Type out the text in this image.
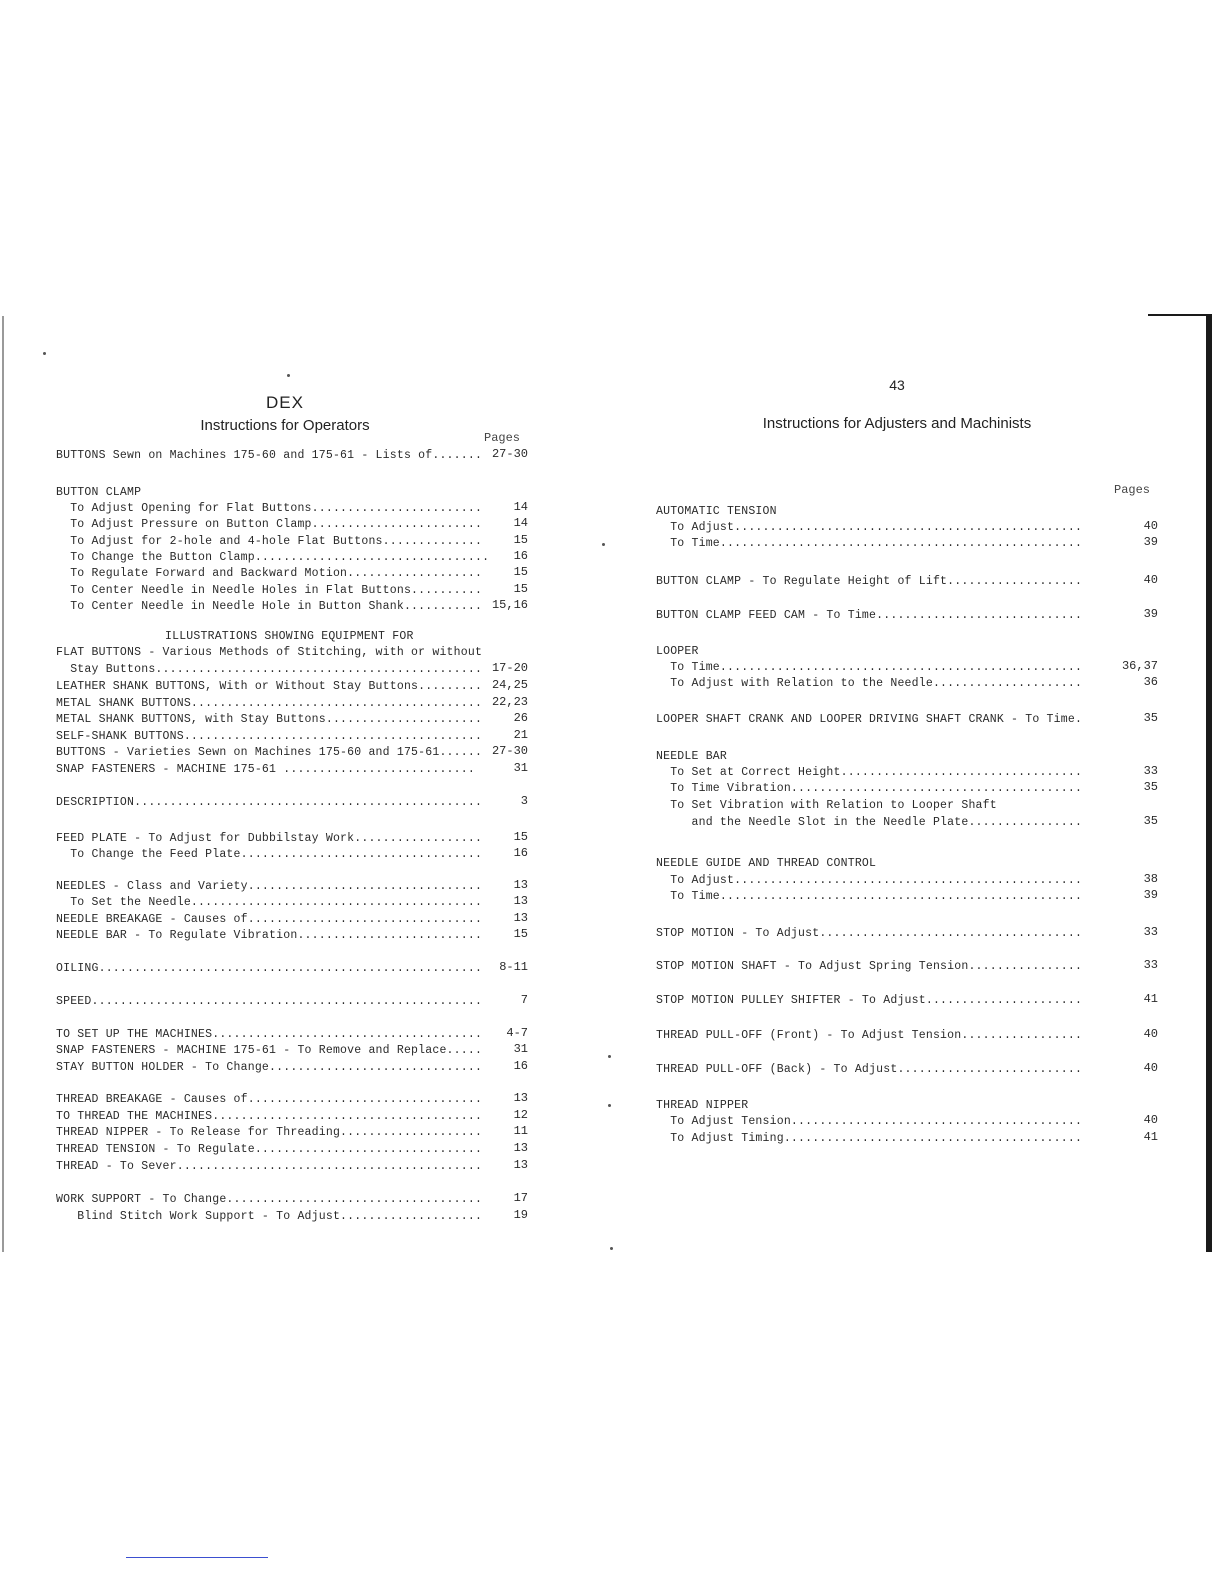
DEX
Instructions for Operators
Pages
43
Instructions for Adjusters and Machinists
Pages
BUTTONS Sewn on Machines 175-60 and 175-61 - Lists of....... 27-30
BUTTON CLAMP
To Adjust Opening for Flat Buttons........................	14
To Adjust Pressure on Button Clamp........................	14
To Adjust for 2-hole and 4-hole Flat Buttons..............	15
To Change the Button Clamp................................. 16
To Regulate Forward and Backward Motion...................	15
To Center Needle in Needle Holes in Flat Buttons..........	15
To Center Needle in Needle Hole in Button Shank........... 15,16
ILLUSTRATIONS SHOWING EQUIPMENT FOR
FLAT BUTTONS - Various Methods of Stitching, with or without
Stay Buttons.............................................. 17-20
LEATHER SHANK BUTTONS, With or Without Stay Buttons......... 24,25
METAL SHANK BUTTONS......................................... 22,23
METAL SHANK BUTTONS, with Stay Buttons......................	26
SELF-SHANK BUTTONS..........................................	21
BUTTONS - Varieties Sewn on Machines 175-60 and 175-61...... 27-30
SNAP FASTENERS - MACHINE 175-61 ...........................	31
DESCRIPTION.................................................	3
FEED PLATE - To Adjust for Dubbilstay Work..................	15
To Change the Feed Plate..................................	16
NEEDLES - Class and Variety.................................	13
To Set the Needle.........................................	13
NEEDLE BREAKAGE - Causes of.................................	13
NEEDLE BAR - To Regulate Vibration..........................	15
OILING...................................................... 8-11
SPEED.......................................................	7
TO SET UP THE MACHINES...................................... 4-7
SNAP FASTENERS - MACHINE 175-61 - To Remove and Replace.....	31
STAY BUTTON HOLDER - To Change..............................	16
THREAD BREAKAGE - Causes of.................................	13
TO THREAD THE MACHINES......................................	12
THREAD NIPPER - To Release for Threading....................	11
THREAD TENSION - To Regulate................................	13
THREAD - To Sever...........................................	13
WORK SUPPORT - To Change....................................	17
Blind Stitch Work Support - To Adjust....................	19
AUTOMATIC TENSION
To Adjust.................................................	40
To Time...................................................	39
BUTTON CLAMP - To Regulate Height of Lift...................	40
BUTTON CLAMP FEED CAM - To Time.............................	39
LOOPER
To Time...................................................	36,37
To Adjust with Relation to the Needle.....................	36
LOOPER SHAFT CRANK AND LOOPER DRIVING SHAFT CRANK - To Time.	35
NEEDLE BAR
To Set at Correct Height..................................	33
To Time Vibration.........................................	35
To Set Vibration with Relation to Looper Shaft
and the Needle Slot in the Needle Plate................	35
NEEDLE GUIDE AND THREAD CONTROL
To Adjust.................................................	38
To Time...................................................	39
STOP MOTION - To Adjust.....................................	33
STOP MOTION SHAFT - To Adjust Spring Tension................	33
STOP MOTION PULLEY SHIFTER - To Adjust......................	41
THREAD PULL-OFF (Front) - To Adjust Tension.................	40
THREAD PULL-OFF (Back) - To Adjust..........................	40
THREAD NIPPER
To Adjust Tension.........................................	40
To Adjust Timing..........................................	41
